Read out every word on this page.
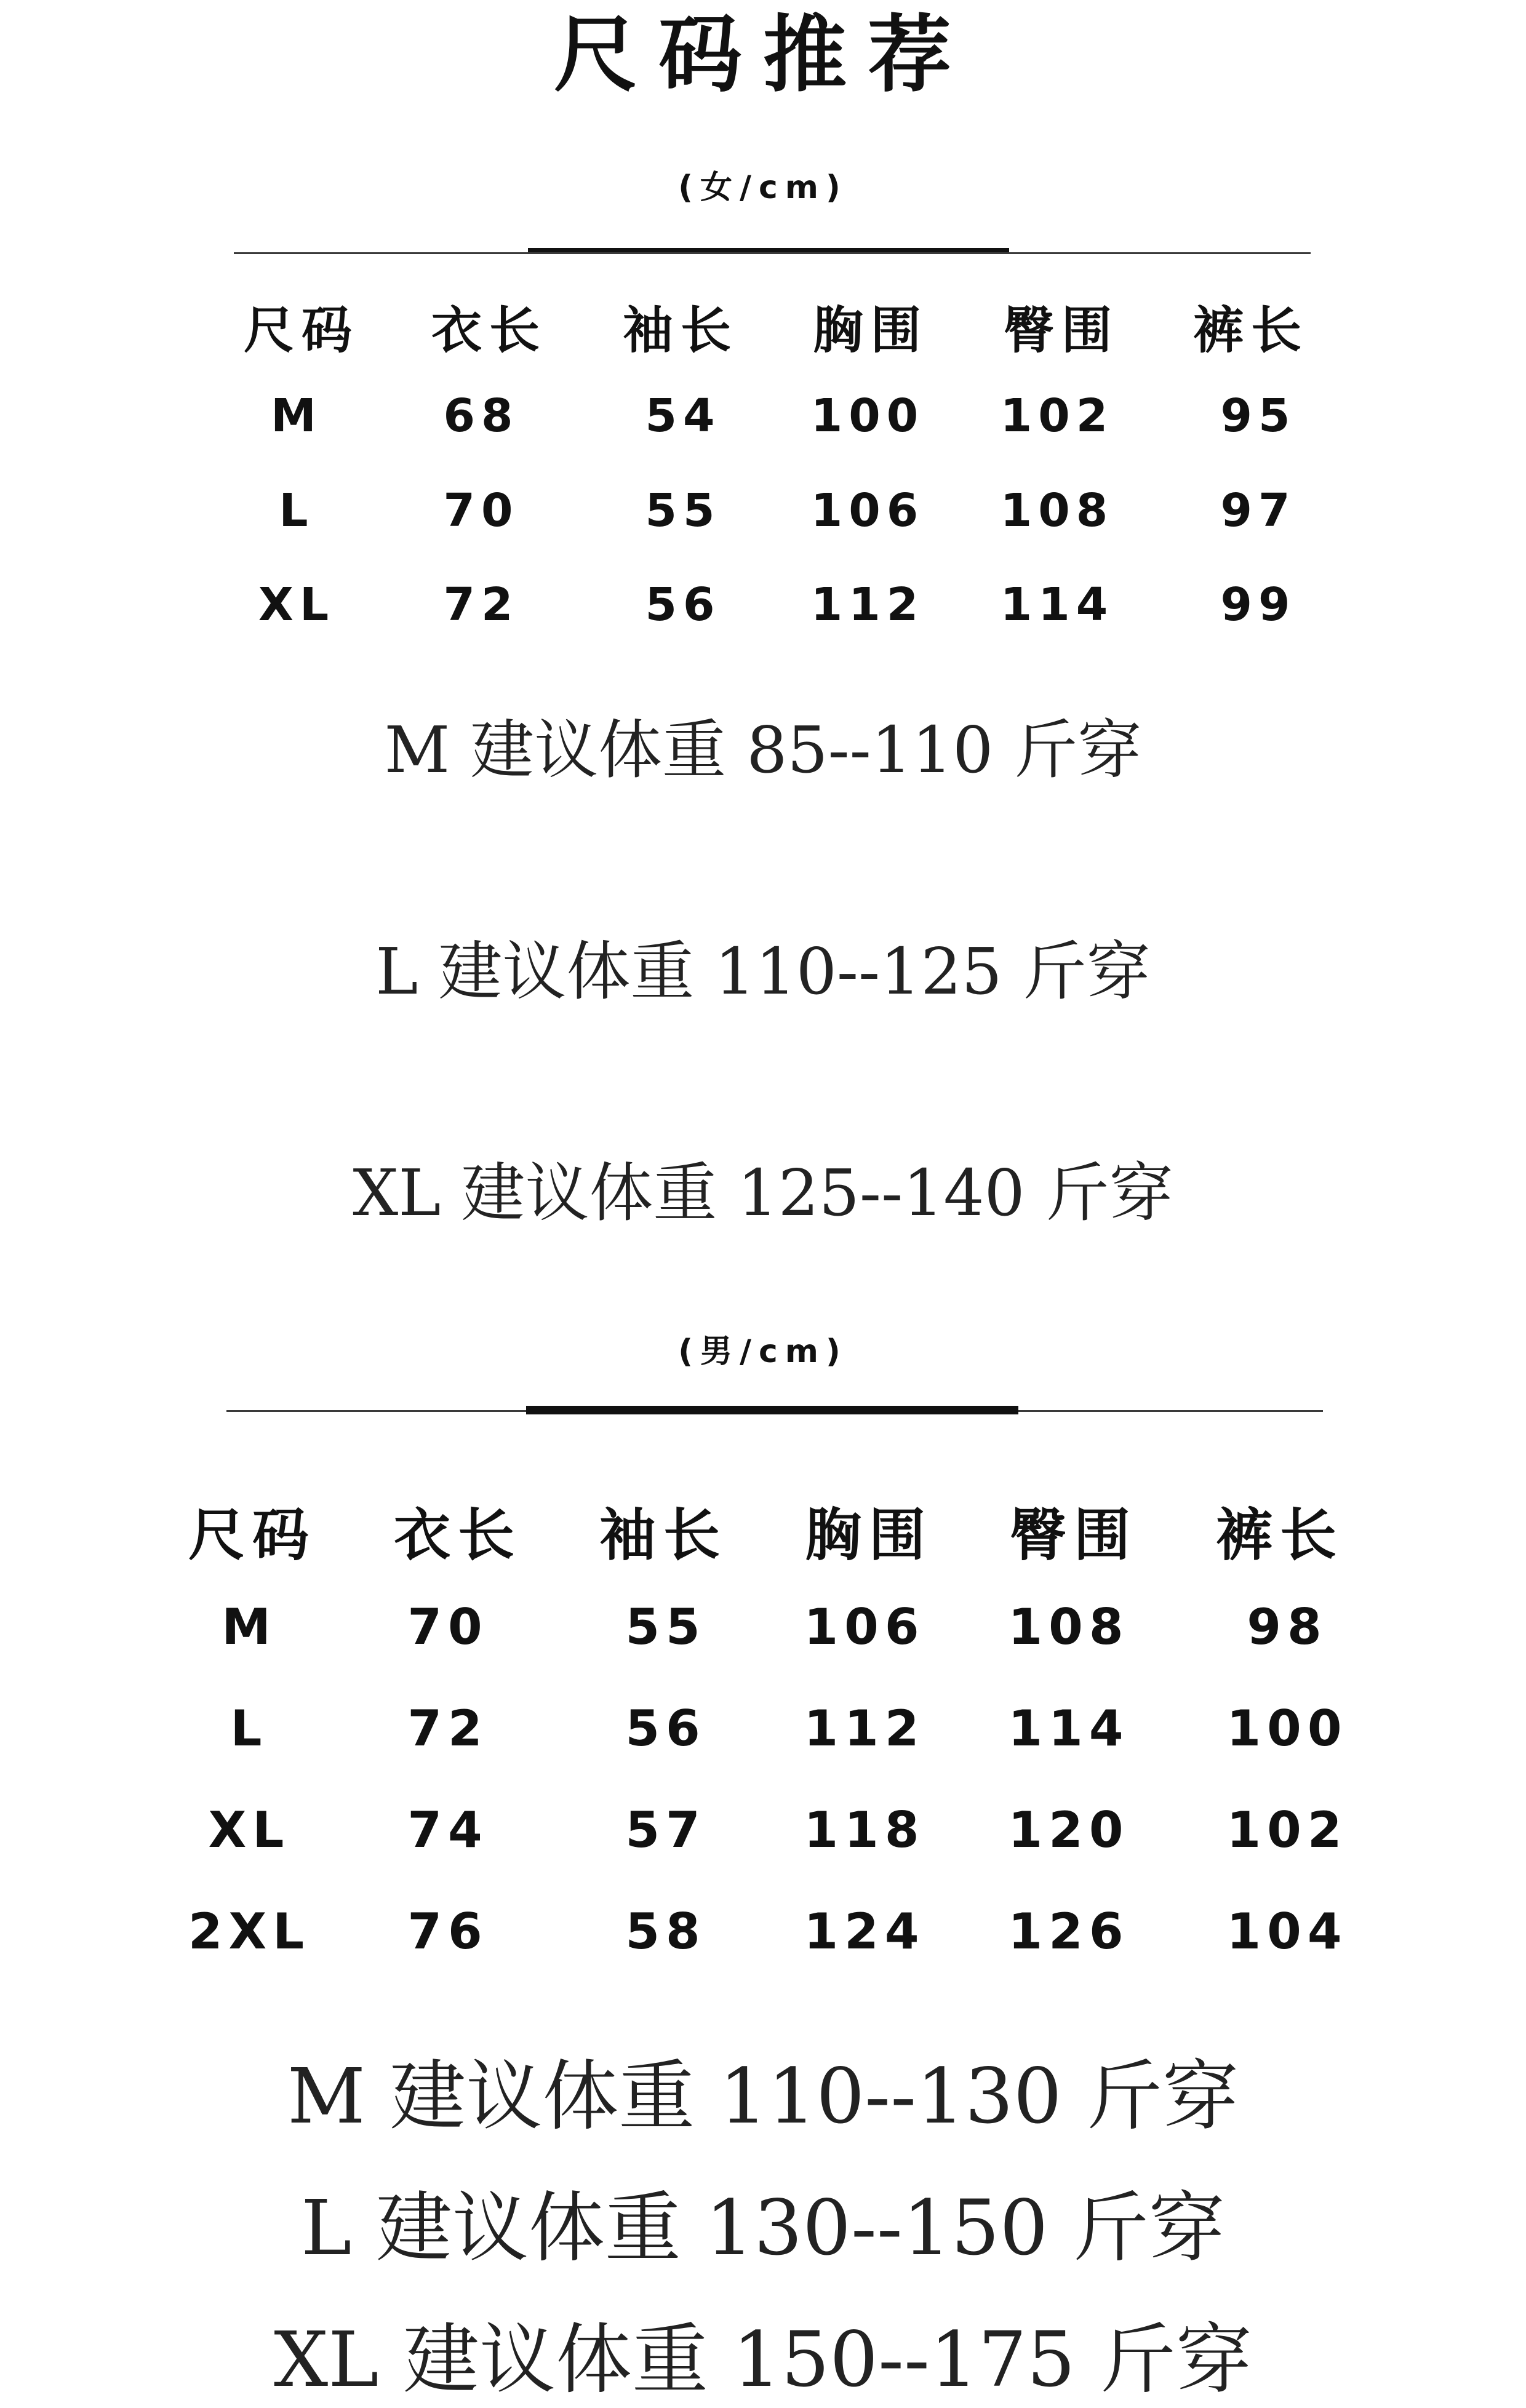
尺码推荐
(女/cm)
尺码 衣长 袖长 胸围 臀围 裤长
M	68	54 100 102 95
L	70	55 106 108 97
XL 72	56 112 114 99
M 建议体重 85--110 斤穿
L 建议体重 110--125 斤穿
XL 建议体重 125--140 斤穿
(男/cm)
尺码 衣长 袖长 胸围 臀围 裤长
M	70	55 106 108 98
L	72	56 112 114 100
XL 74	57 118 120 102
2XL 76	58 124 126 104
M 建议体重 110--130 斤穿
L 建议体重 130--150 斤穿
XL 建议体重 150--175 斤穿
